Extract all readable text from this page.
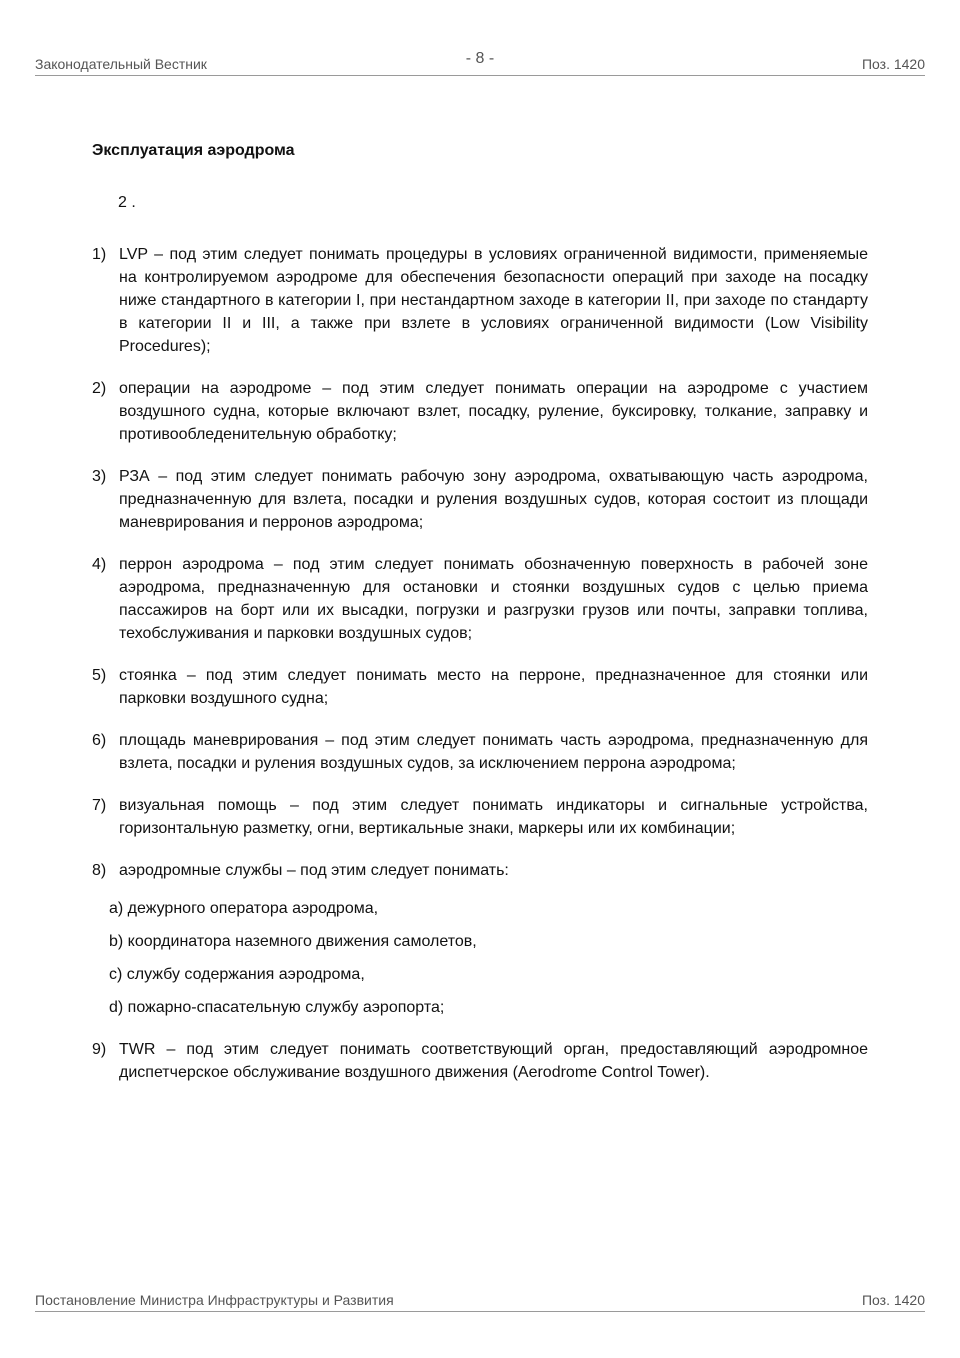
Законодательный Вестник	- 8 -	Поз. 1420
Эксплуатация аэродрома
2 .
1) LVP – под этим следует понимать процедуры в условиях ограниченной видимости, применяемые на контролируемом аэродроме для обеспечения безопасности операций при заходе на посадку ниже стандартного в категории I, при нестандартном заходе в категории II, при заходе по стандарту в категории II и III, а также при взлете в условиях ограниченной видимости (Low Visibility Procedures);
2) операции на аэродроме – под этим следует понимать операции на аэродроме с участием воздушного судна, которые включают взлет, посадку, руление, буксировку, толкание, заправку и противообледенительную обработку;
3) РЗА – под этим следует понимать рабочую зону аэродрома, охватывающую часть аэродрома, предназначенную для взлета, посадки и руления воздушных судов, которая состоит из площади маневрирования и перронов аэродрома;
4) перрон аэродрома – под этим следует понимать обозначенную поверхность в рабочей зоне аэродрома, предназначенную для остановки и стоянки воздушных судов с целью приема пассажиров на борт или их высадки, погрузки и разгрузки грузов или почты, заправки топлива, техобслуживания и парковки воздушных судов;
5) стоянка – под этим следует понимать место на перроне, предназначенное для стоянки или парковки воздушного судна;
6) площадь маневрирования – под этим следует понимать часть аэродрома, предназначенную для взлета, посадки и руления воздушных судов, за исключением перрона аэродрома;
7) визуальная помощь – под этим следует понимать индикаторы и сигнальные устройства, горизонтальную разметку, огни, вертикальные знаки, маркеры или их комбинации;
8) аэродромные службы – под этим следует понимать:
a) дежурного оператора аэродрома,
b) координатора наземного движения самолетов,
c) службу содержания аэродрома,
d) пожарно-спасательную службу аэропорта;
9) TWR – под этим следует понимать соответствующий орган, предоставляющий аэродромное диспетчерское обслуживание воздушного движения (Aerodrome Control Tower).
Постановление Министра Инфраструктуры и Развития	Поз. 1420
